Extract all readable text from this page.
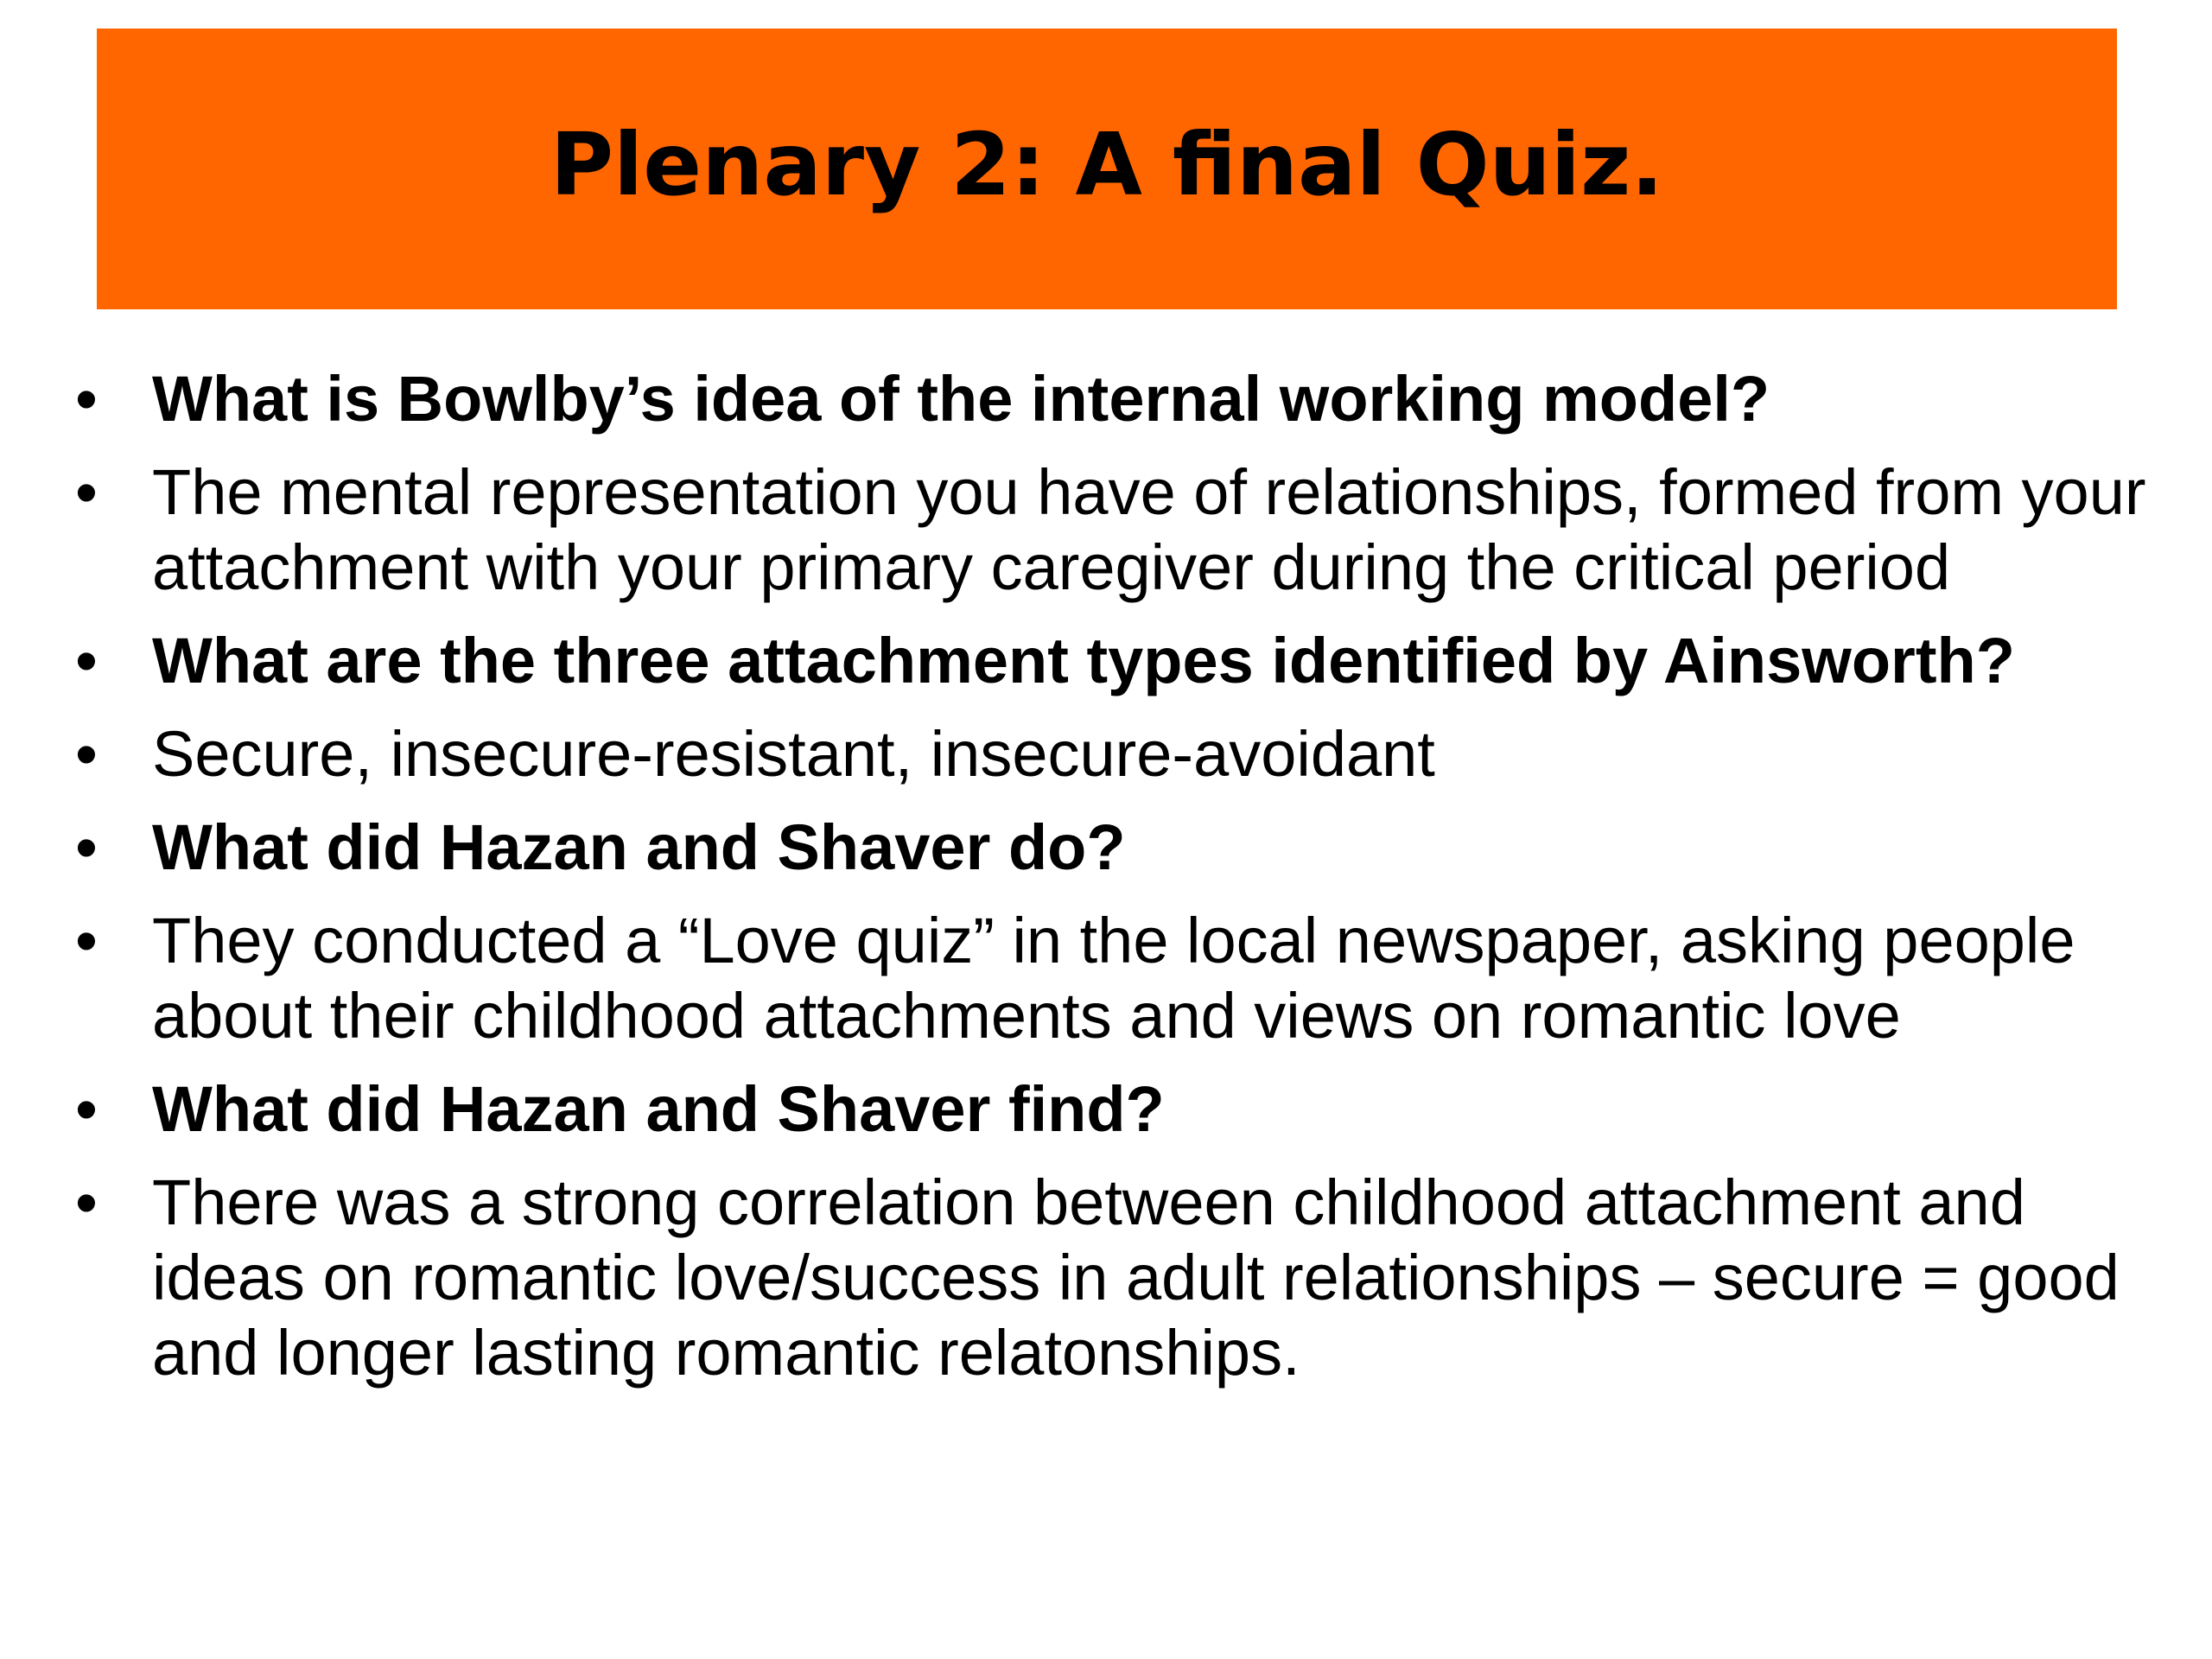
Plenary 2: A final Quiz.
• What is Bowlby’s idea of the internal working model?
• The mental representation you have of relationships, formed from your attachment with your primary caregiver during the critical period
• What are the three attachment types identified by Ainsworth?
• Secure, insecure-resistant, insecure-avoidant
• What did Hazan and Shaver do?
• They conducted a “Love quiz” in the local newspaper, asking people about their childhood attachments and views on romantic love
• What did Hazan and Shaver find?
• There was a strong correlation between childhood attachment and ideas on romantic love/success in adult relationships – secure = good and longer lasting romantic relatonships.
